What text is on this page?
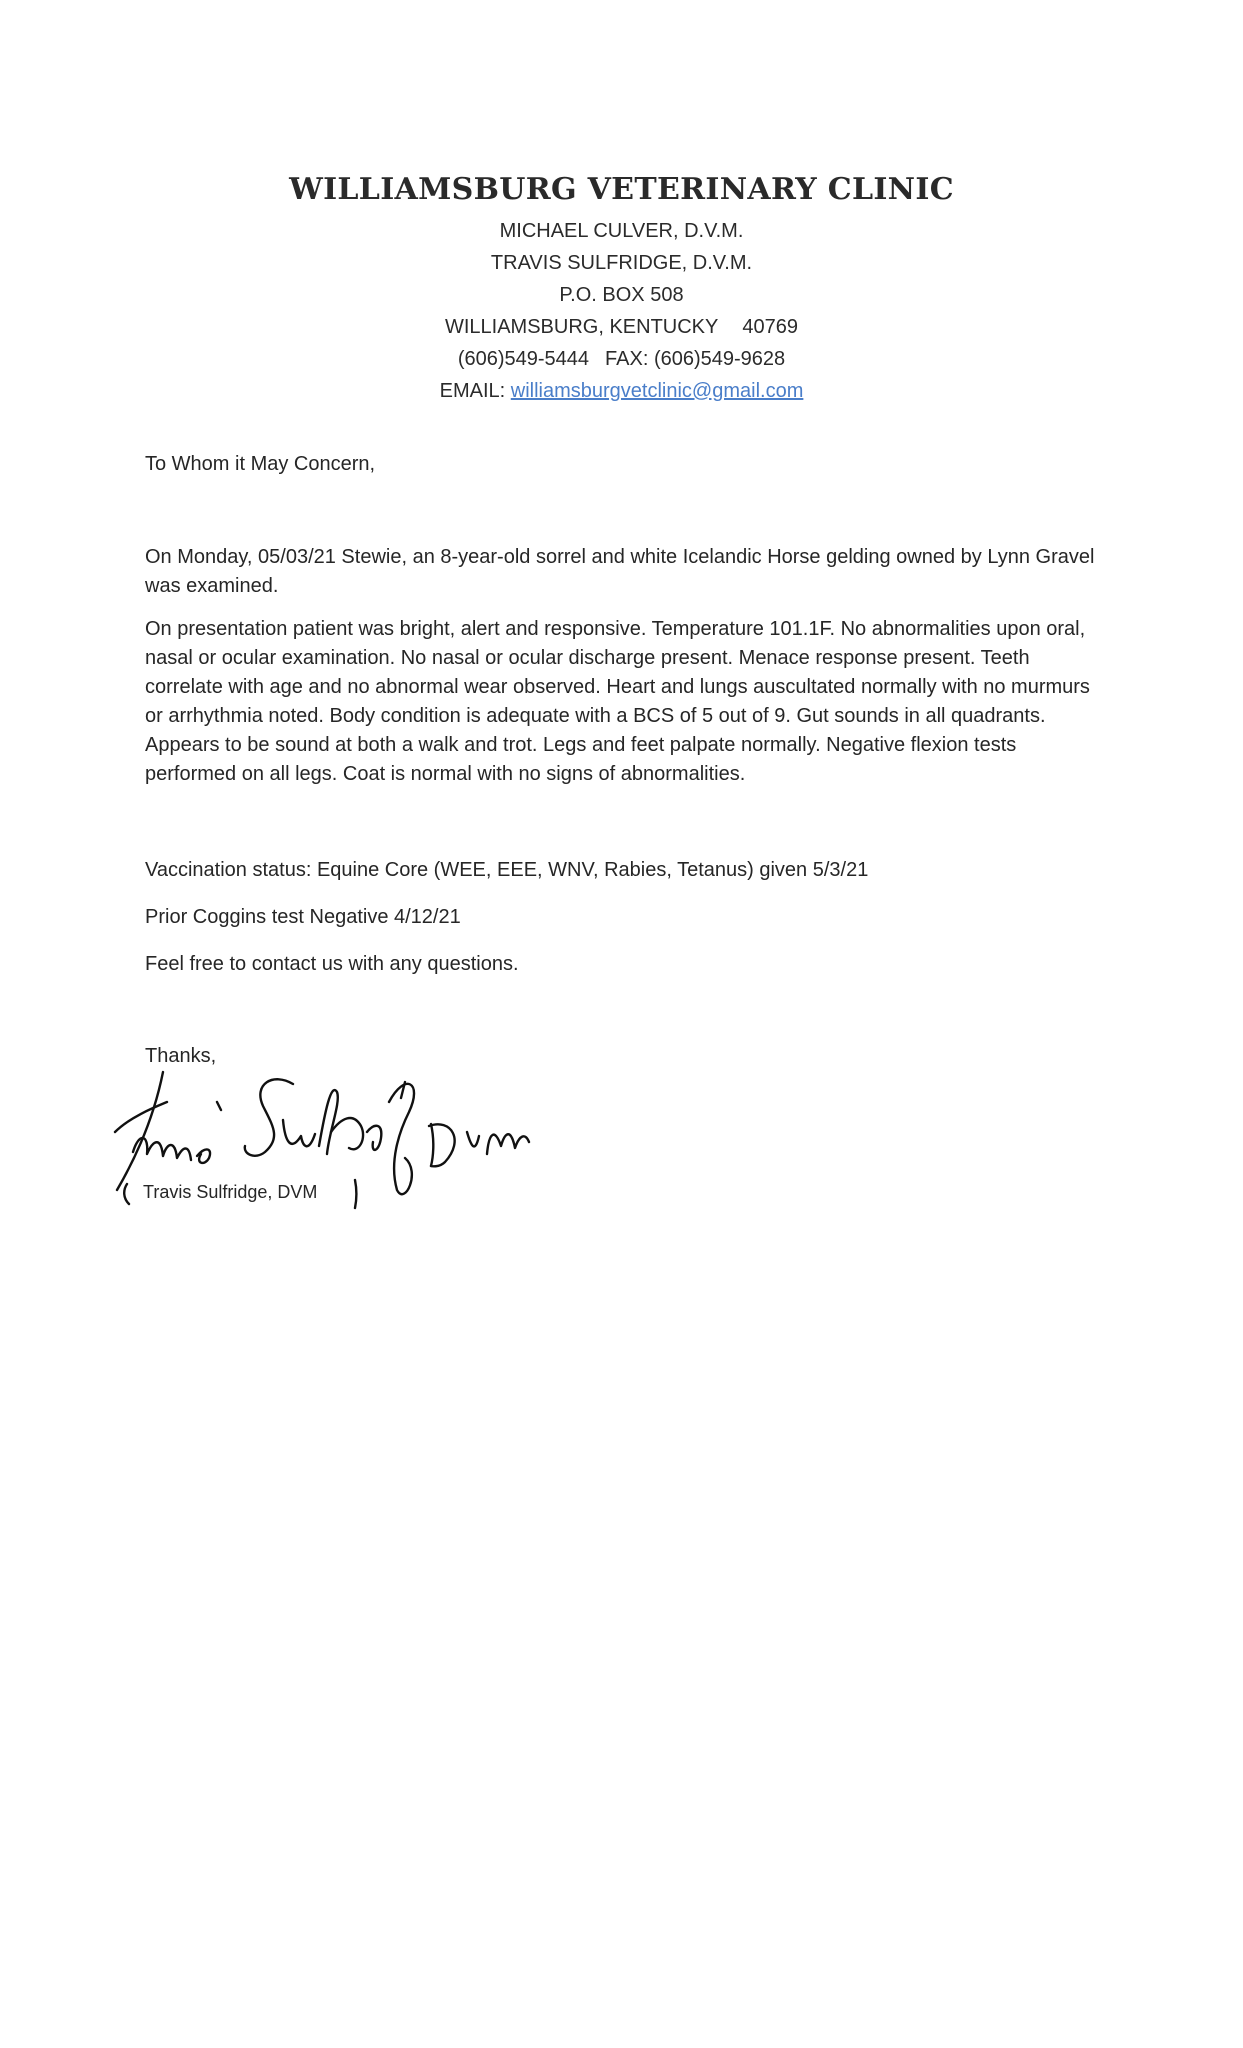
WILLIAMSBURG VETERINARY CLINIC
MICHAEL CULVER, D.V.M.
TRAVIS SULFRIDGE, D.V.M.
P.O. BOX 508
WILLIAMSBURG, KENTUCKY 40769
(606)549-5444 FAX: (606)549-9628
EMAIL: williamsburgvetclinic@gmail.com
To Whom it May Concern,
On Monday, 05/03/21 Stewie, an 8-year-old sorrel and white Icelandic Horse gelding owned by Lynn Gravel was examined.
On presentation patient was bright, alert and responsive. Temperature 101.1F. No abnormalities upon oral, nasal or ocular examination. No nasal or ocular discharge present. Menace response present. Teeth correlate with age and no abnormal wear observed. Heart and lungs auscultated normally with no murmurs or arrhythmia noted. Body condition is adequate with a BCS of 5 out of 9. Gut sounds in all quadrants. Appears to be sound at both a walk and trot. Legs and feet palpate normally. Negative flexion tests performed on all legs. Coat is normal with no signs of abnormalities.
Vaccination status: Equine Core (WEE, EEE, WNV, Rabies, Tetanus) given 5/3/21
Prior Coggins test Negative 4/12/21
Feel free to contact us with any questions.
Thanks,
Travis Sulfridge, DVM
